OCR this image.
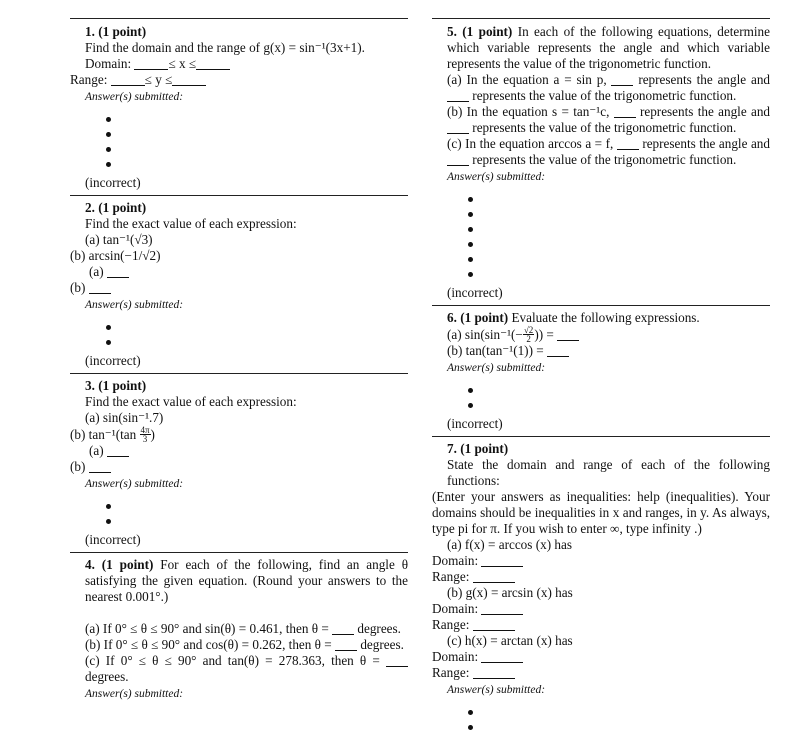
1. (1 point)

Find the domain and the range of g(x) = sin⁻¹(3x+1).

Domain:	≤ x ≤

Range:	≤ y ≤

Answer(s) submitted:
(incorrect)

2. (1 point)

Find the exact value of each expression:

(a) tan⁻¹(√3)

(b) arcsin(−1/√2)

(a)

(b)

Answer(s) submitted:
(incorrect)

3. (1 point)

Find the exact value of each expression:

(a) sin(sin⁻¹.7)

(b) $\tan^{-1}(\tan \frac{4\pi}{3}$ )

(a)

(b)

Answer(s) submitted:
(incorrect)

4. (1 point) For each of the following, find an angle θ satisfying the given equation. (Round your answers to the nearest 0.001°.)

(a) If 0° ≤ θ ≤ 90° and sin(θ) = 0.461, then θ = degrees.

(b) If 0° ≤ θ ≤ 90° and cos(θ) = 0.262, then θ = degrees.

(c) If 0° ≤ θ ≤ 90° and tan(θ) = 278.363, then θ =  degrees.

Answer(s) submitted:

5. (1 point) In each of the following equations, determine which variable represents the angle and which variable represents the value of the trigonometric function.

(a) In the equation a = sin p, represents the angle and  represents the value of the trigonometric function.

(b) In the equation s = tan⁻¹c, represents the angle and  represents the value of the trigonometric function.

(c) In the equation arccos a = f, represents the angle and  represents the value of the trigonometric function.

Answer(s) submitted:
(incorrect)

6. (1 point) Evaluate the following expressions.

(a) $\sin(\sin^{-1}(- \frac{√2}{2}$ )) =

(b) tan(tan⁻¹(1)) =

Answer(s) submitted:
(incorrect)

7. (1 point)

State the domain and range of each of the following functions:

(Enter your answers as inequalities: help (inequalities). Your domains should be inequalities in x and ranges, in y. As always, type pi for π. If you wish to enter ∞, type infinity .)

(a) f(x) = arccos (x) has

Domain:

Range:

(b) g(x) = arcsin (x) has

Domain:

Range:

(c) h(x) = arctan (x) has

Domain:

Range:

Answer(s) submitted:
